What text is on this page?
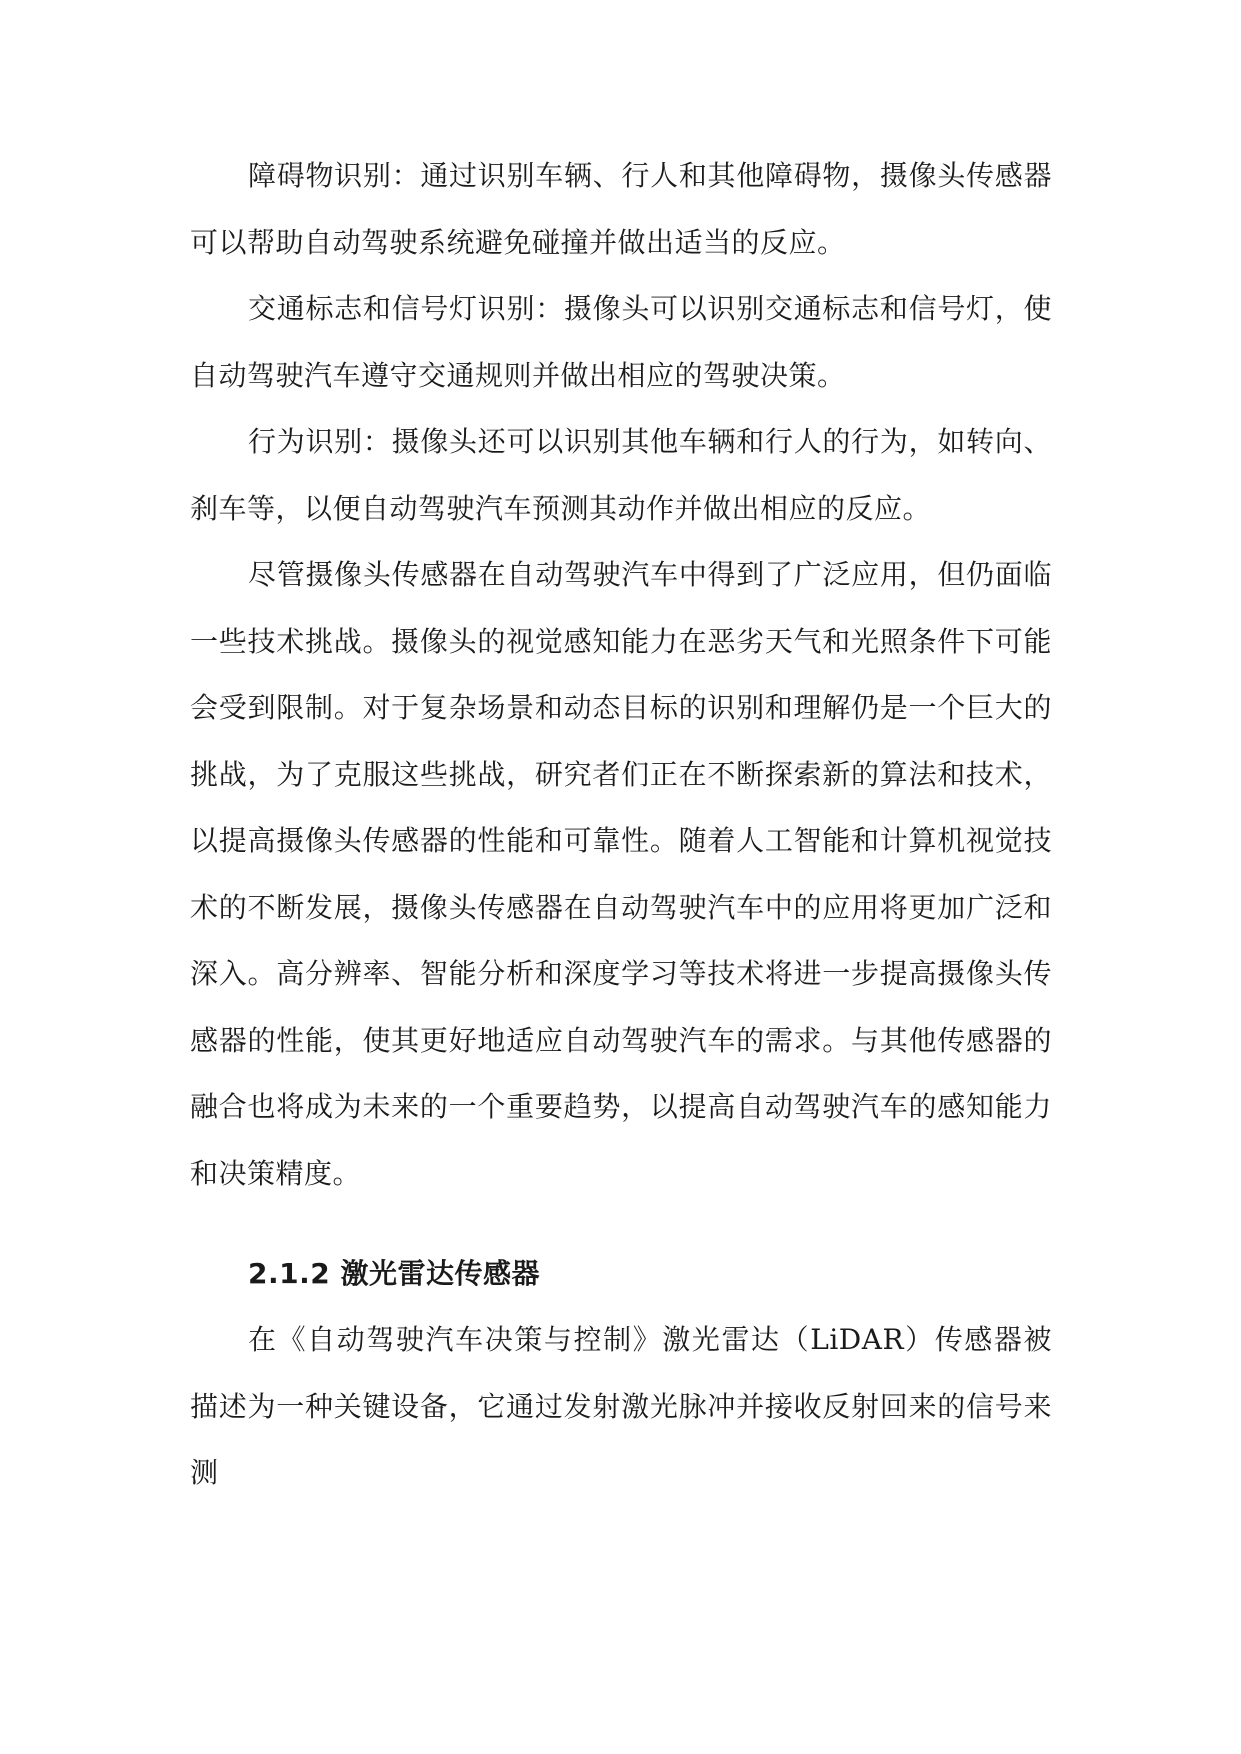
障碍物识别：通过识别车辆、行人和其他障碍物，摄像头传感器可以帮助自动驾驶系统避免碰撞并做出适当的反应。

交通标志和信号灯识别：摄像头可以识别交通标志和信号灯，使自动驾驶汽车遵守交通规则并做出相应的驾驶决策。

行为识别：摄像头还可以识别其他车辆和行人的行为，如转向、刹车等，以便自动驾驶汽车预测其动作并做出相应的反应。

尽管摄像头传感器在自动驾驶汽车中得到了广泛应用，但仍面临一些技术挑战。摄像头的视觉感知能力在恶劣天气和光照条件下可能会受到限制。对于复杂场景和动态目标的识别和理解仍是一个巨大的挑战，为了克服这些挑战，研究者们正在不断探索新的算法和技术，以提高摄像头传感器的性能和可靠性。随着人工智能和计算机视觉技术的不断发展，摄像头传感器在自动驾驶汽车中的应用将更加广泛和深入。高分辨率、智能分析和深度学习等技术将进一步提高摄像头传感器的性能，使其更好地适应自动驾驶汽车的需求。与其他传感器的融合也将成为未来的一个重要趋势，以提高自动驾驶汽车的感知能力和决策精度。

2.1.2 激光雷达传感器

在《自动驾驶汽车决策与控制》激光雷达（LiDAR）传感器被描述为一种关键设备，它通过发射激光脉冲并接收反射回来的信号来测
